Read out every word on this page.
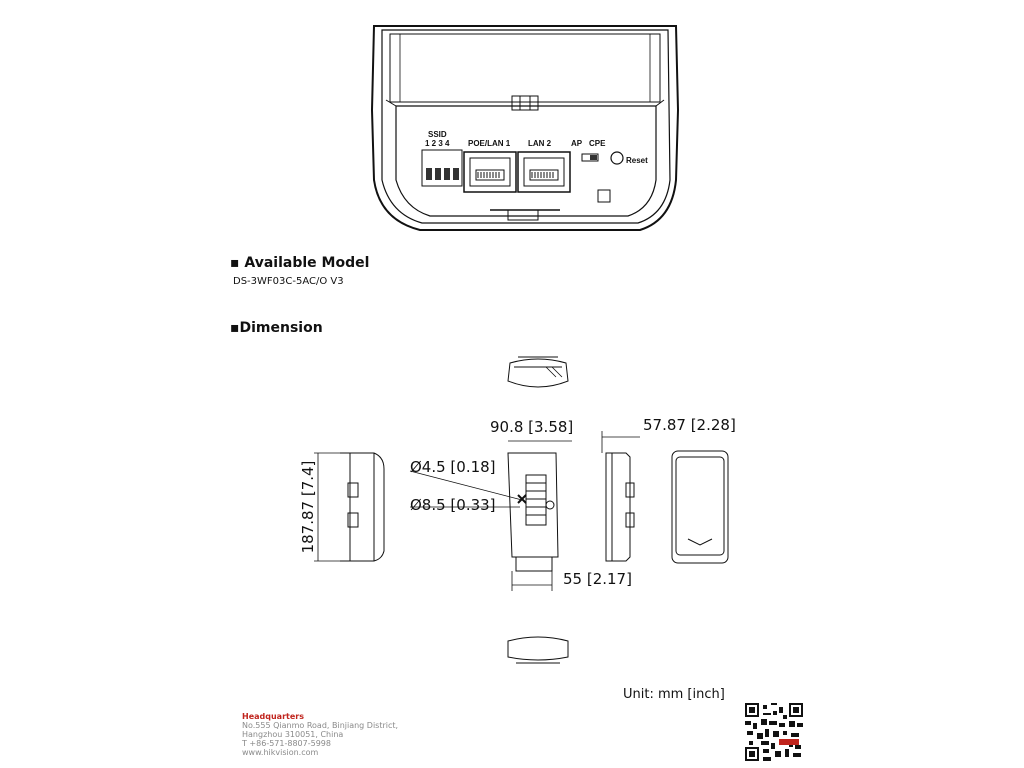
SSID
1 2 3 4 POE/LAN 1 LAN 2 AP CPE
Reset
▪ Available Model
DS-3WF03C-5AC/O V3
▪Dimension
90.8 [3.58]	57.87 [2.28]
Ø4.5 [0.18]
Ø8.5 [0.33]
187.87 [7.4]
55 [2.17]
Unit: mm [inch]
Headquarters
No.555 Qianmo Road, Binjiang District,
Hangzhou 310051, China
T +86-571-8807-5998
www.hikvision.com
